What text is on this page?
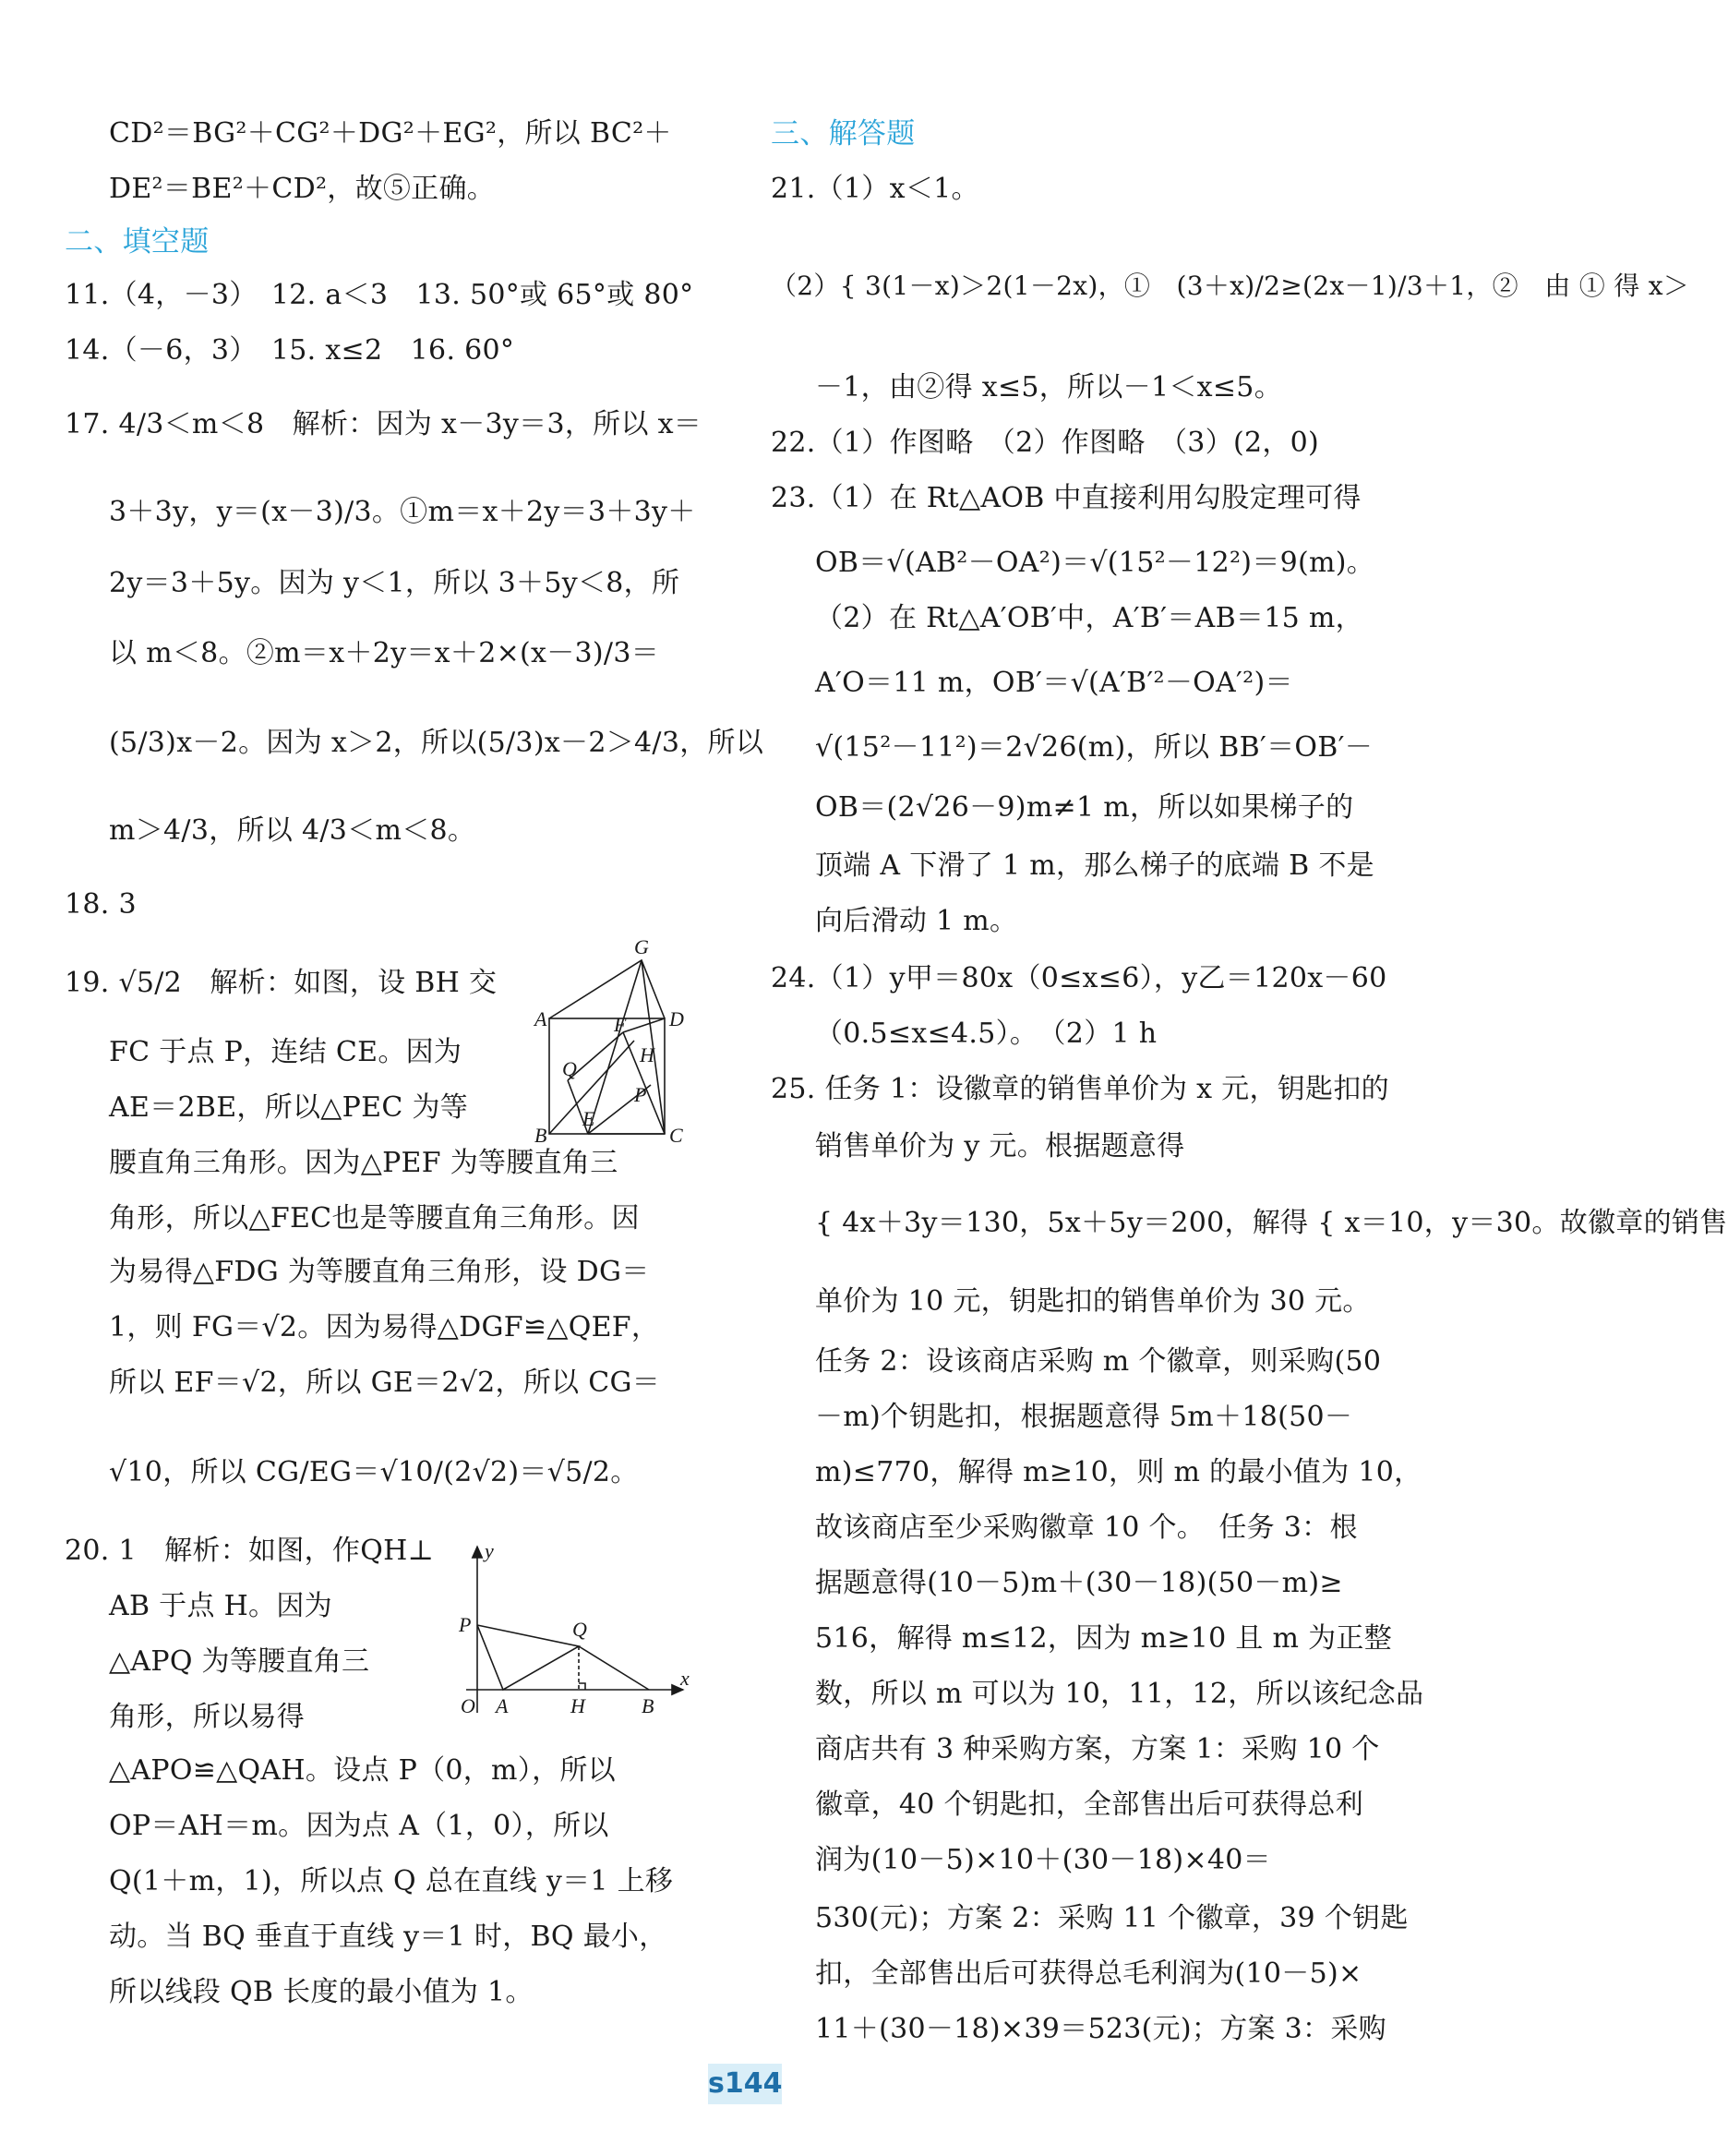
CD²＝BG²＋CG²＋DG²＋EG²，所以 BC²＋
DE²＝BE²＋CD²，故⑤正确。
二、填空题
11.（4，－3）　12. a＜3　13. 50°或 65°或 80°
14.（－6，3）　15. x≤2　16. 60°
17. 4/3＜m＜8　解析：因为 x－3y＝3，所以 x＝
3＋3y，y＝(x－3)/3。①m＝x＋2y＝3＋3y＋
2y＝3＋5y。因为 y＜1，所以 3＋5y＜8，所
以 m＜8。②m＝x＋2y＝x＋2×(x－3)/3＝
(5/3)x－2。因为 x＞2，所以(5/3)x－2＞4/3，所以
m＞4/3，所以 4/3＜m＜8。
18. 3
19. √5/2　解析：如图，设 BH 交
FC 于点 P，连结 CE。因为
AE＝2BE，所以△PEC 为等
腰直角三角形。因为△PEF 为等腰直角三
角形，所以△FEC也是等腰直角三角形。因
为易得△FDG 为等腰直角三角形，设 DG＝
1，则 FG＝√2。因为易得△DGF≌△QEF，
所以 EF＝√2，所以 GE＝2√2，所以 CG＝
√10，所以 CG/EG＝√10/(2√2)＝√5/2。
20. 1　解析：如图，作QH⊥
AB 于点 H。因为
△APQ 为等腰直角三
角形，所以易得
△APO≌△QAH。设点 P（0，m），所以
OP＝AH＝m。因为点 A（1，0），所以
Q(1＋m，1)，所以点 Q 总在直线 y＝1 上移
动。当 BQ 垂直于直线 y＝1 时，BQ 最小，
所以线段 QB 长度的最小值为 1。
G
A	D
F
Q
H
P
B
E
C
y
P	Q
O A	H	B
x
三、解答题
21.（1）x＜1。
（2）{ 3(1－x)＞2(1－2x)，①　(3＋x)/2≥(2x－1)/3＋1，②　由 ① 得 x＞
－1，由②得 x≤5，所以－1＜x≤5。
22.（1）作图略　（2）作图略　（3）(2，0)
23.（1）在 Rt△AOB 中直接利用勾股定理可得
OB＝√(AB²－OA²)＝√(15²－12²)＝9(m)。
（2）在 Rt△A′OB′中，A′B′＝AB＝15 m，
A′O＝11 m，OB′＝√(A′B′²－OA′²)＝
√(15²－11²)＝2√26(m)，所以 BB′＝OB′－
OB＝(2√26－9)m≠1 m，所以如果梯子的
顶端 A 下滑了 1 m，那么梯子的底端 B 不是
向后滑动 1 m。
24.（1）y甲＝80x（0≤x≤6），y乙＝120x－60
（0.5≤x≤4.5）。　（2）1 h
25. 任务 1：设徽章的销售单价为 x 元，钥匙扣的
销售单价为 y 元。根据题意得
{ 4x＋3y＝130，5x＋5y＝200，解得 { x＝10，y＝30。故徽章的销售
单价为 10 元，钥匙扣的销售单价为 30 元。
任务 2：设该商店采购 m 个徽章，则采购(50
－m)个钥匙扣，根据题意得 5m＋18(50－
m)≤770，解得 m≥10，则 m 的最小值为 10，
故该商店至少采购徽章 10 个。　任务 3：根
据题意得(10－5)m＋(30－18)(50－m)≥
516，解得 m≤12，因为 m≥10 且 m 为正整
数，所以 m 可以为 10，11，12，所以该纪念品
商店共有 3 种采购方案，方案 1：采购 10 个
徽章，40 个钥匙扣，全部售出后可获得总利
润为(10－5)×10＋(30－18)×40＝
530(元)；方案 2：采购 11 个徽章，39 个钥匙
扣，全部售出后可获得总毛利润为(10－5)×
11＋(30－18)×39＝523(元)；方案 3：采购
s144
